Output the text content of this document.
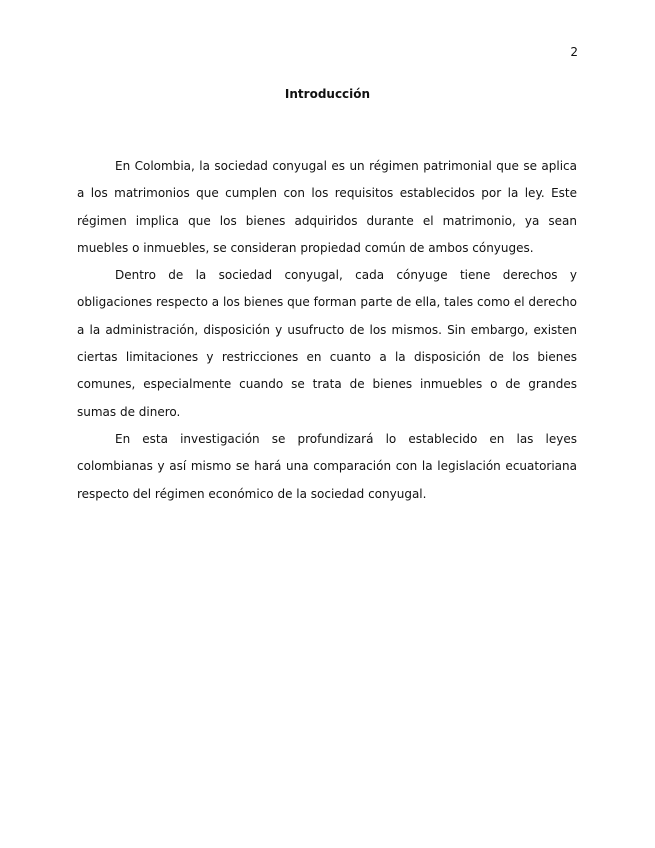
2
Introducción

En Colombia, la sociedad conyugal es un régimen patrimonial que se aplica a los matrimonios que cumplen con los requisitos establecidos por la ley. Este régimen implica que los bienes adquiridos durante el matrimonio, ya sean muebles o inmuebles, se consideran propiedad común de ambos cónyuges.

Dentro de la sociedad conyugal, cada cónyuge tiene derechos y obligaciones respecto a los bienes que forman parte de ella, tales como el derecho a la administración, disposición y usufructo de los mismos. Sin embargo, existen ciertas limitaciones y restricciones en cuanto a la disposición de los bienes comunes, especialmente cuando se trata de bienes inmuebles o de grandes sumas de dinero.

En esta investigación se profundizará lo establecido en las leyes colombianas y así mismo se hará una comparación con la legislación ecuatoriana respecto del régimen económico de la sociedad conyugal.
